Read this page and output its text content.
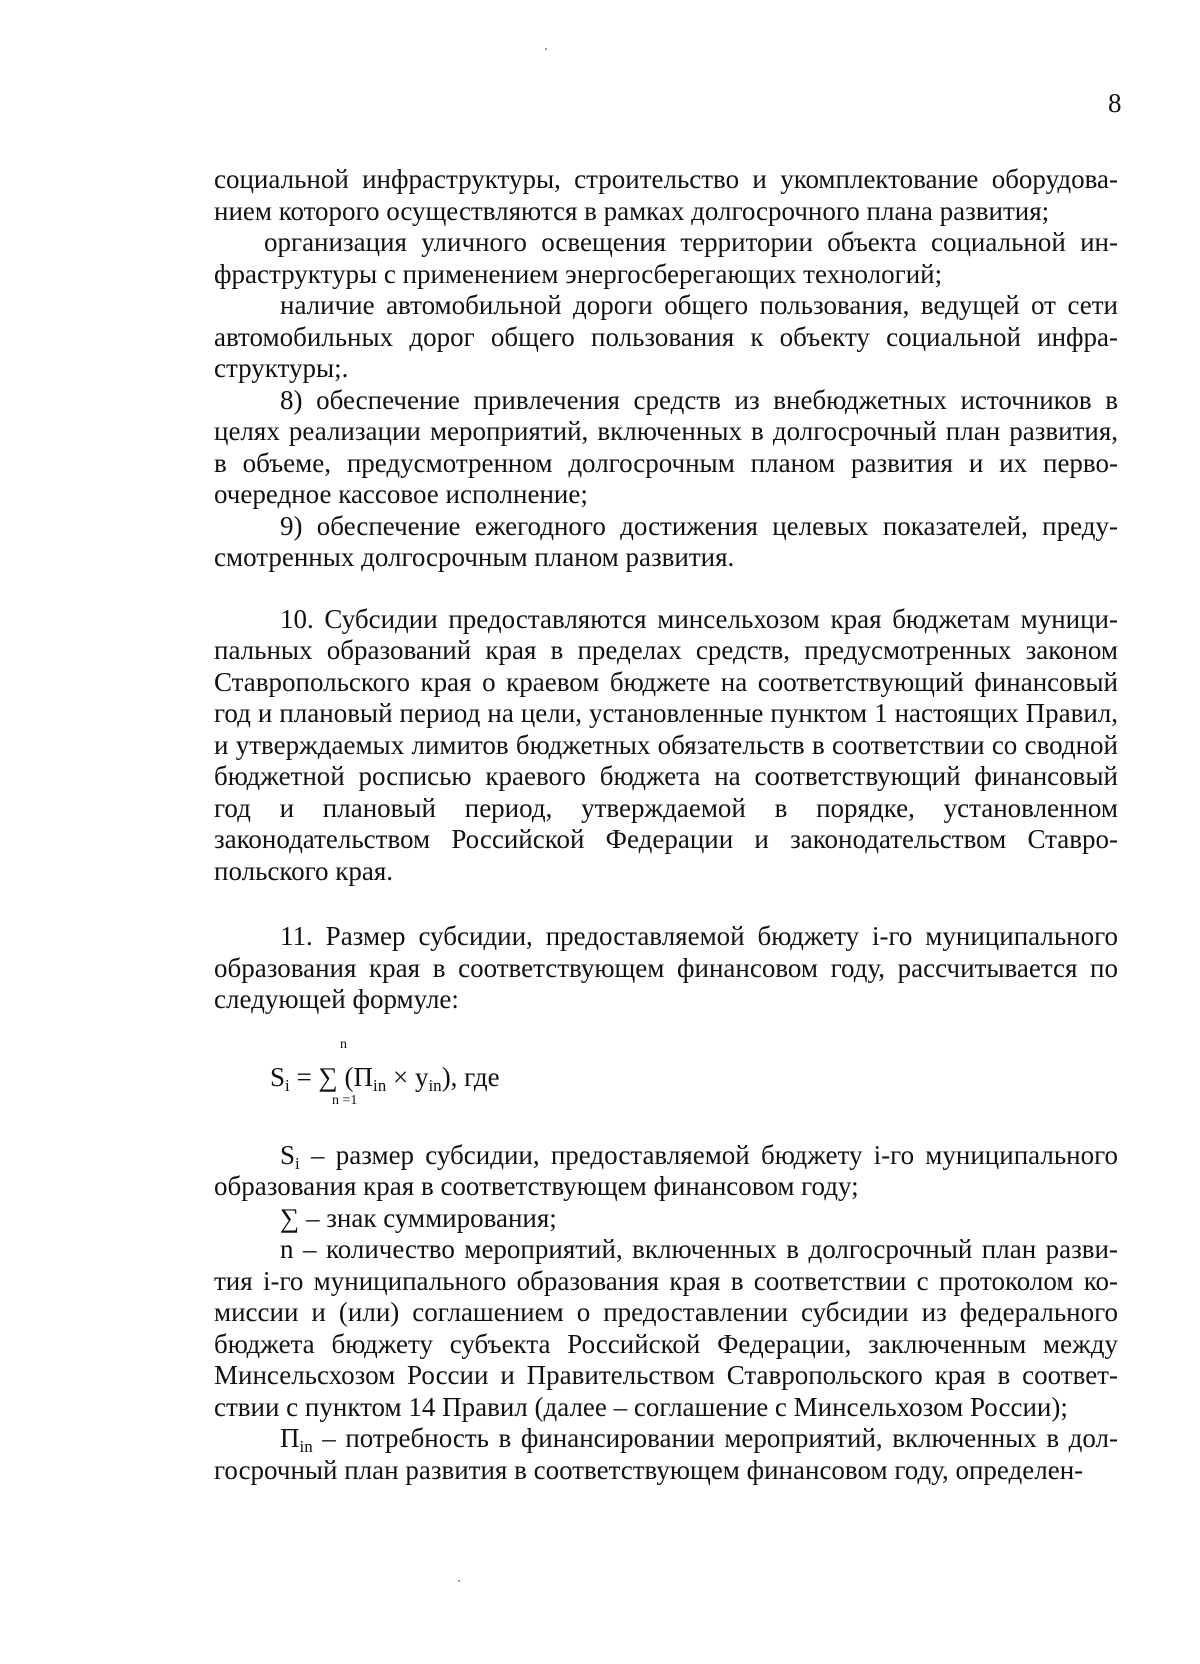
8

социальной инфраструктуры, строительство и укомплектование оборудованием которого осуществляются в рамках долгосрочного плана развития;

организация уличного освещения территории объекта социальной инфраструктуры с применением энергосберегающих технологий;

наличие автомобильной дороги общего пользования, ведущей от сети автомобильных дорог общего пользования к объекту социальной инфраструктуры;.

8) обеспечение привлечения средств из внебюджетных источников в целях реализации мероприятий, включенных в долгосрочный план развития, в объеме, предусмотренном долгосрочным планом развития и их первоочередное кассовое исполнение;

9) обеспечение ежегодного достижения целевых показателей, предусмотренных долгосрочным планом развития.

10. Субсидии предоставляются минсельхозом края бюджетам муниципальных образований края в пределах средств, предусмотренных законом Ставропольского края о краевом бюджете на соответствующий финансовый год и плановый период на цели, установленные пунктом 1 настоящих Правил, и утверждаемых лимитов бюджетных обязательств в соответствии со сводной бюджетной росписью краевого бюджета на соответствующий финансовый год и плановый период, утверждаемой в порядке, установленном законодательством Российской Федерации и законодательством Ставропольского края.

11. Размер субсидии, предоставляемой бюджету i-го муниципального образования края в соответствующем финансовом году, рассчитывается по следующей формуле:

n
$S_i$ = ∑ $(П_{in} \times y_{in})$, где
n =1

$S_i$ – размер субсидии, предоставляемой бюджету i-го муниципального образования края в соответствующем финансовом году;

∑ – знак суммирования;

n – количество мероприятий, включенных в долгосрочный план развития i-го муниципального образования края в соответствии с протоколом комиссии и (или) соглашением о предоставлении субсидии из федерального бюджета бюджету субъекта Российской Федерации, заключенным между Минсельсхозом России и Правительством Ставропольского края в соответствии с пунктом 14 Правил (далее – соглашение с Минсельхозом России);

$П_{in}$ – потребность в финансировании мероприятий, включенных в долгосрочный план развития в соответствующем финансовом году, определен-
